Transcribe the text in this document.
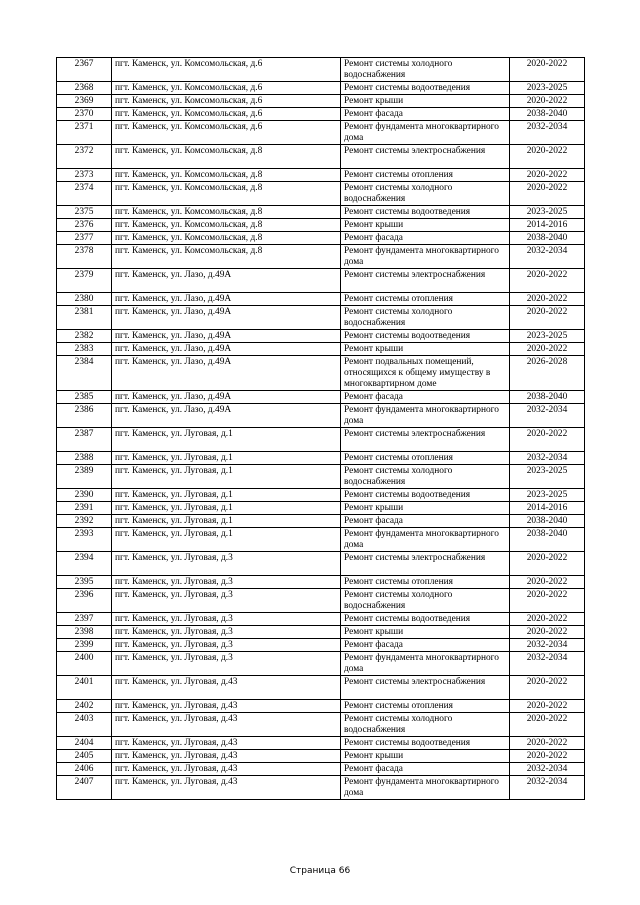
2367	пгт. Каменск, ул. Комсомольская, д.6	Ремонт системы холодного водоснабжения	2020-2022
2368	пгт. Каменск, ул. Комсомольская, д.6	Ремонт системы водоотведения	2023-2025
2369	пгт. Каменск, ул. Комсомольская, д.6	Ремонт крыши	2020-2022
2370	пгт. Каменск, ул. Комсомольская, д.6	Ремонт фасада	2038-2040
2371	пгт. Каменск, ул. Комсомольская, д.6	Ремонт фундамента многоквартирного дома	2032-2034
2372	пгт. Каменск, ул. Комсомольская, д.8	Ремонт системы электроснабжения	2020-2022
2373	пгт. Каменск, ул. Комсомольская, д.8	Ремонт системы отопления	2020-2022
2374	пгт. Каменск, ул. Комсомольская, д.8	Ремонт системы холодного водоснабжения	2020-2022
2375	пгт. Каменск, ул. Комсомольская, д.8	Ремонт системы водоотведения	2023-2025
2376	пгт. Каменск, ул. Комсомольская, д.8	Ремонт крыши	2014-2016
2377	пгт. Каменск, ул. Комсомольская, д.8	Ремонт фасада	2038-2040
2378	пгт. Каменск, ул. Комсомольская, д.8	Ремонт фундамента многоквартирного дома	2032-2034
2379	пгт. Каменск, ул. Лазо, д.49А	Ремонт системы электроснабжения	2020-2022
2380	пгт. Каменск, ул. Лазо, д.49А	Ремонт системы отопления	2020-2022
2381	пгт. Каменск, ул. Лазо, д.49А	Ремонт системы холодного водоснабжения	2020-2022
2382	пгт. Каменск, ул. Лазо, д.49А	Ремонт системы водоотведения	2023-2025
2383	пгт. Каменск, ул. Лазо, д.49А	Ремонт крыши	2020-2022
2384	пгт. Каменск, ул. Лазо, д.49А	Ремонт подвальных помещений, относящихся к общему имуществу в многоквартирном доме	2026-2028
2385	пгт. Каменск, ул. Лазо, д.49А	Ремонт фасада	2038-2040
2386	пгт. Каменск, ул. Лазо, д.49А	Ремонт фундамента многоквартирного дома	2032-2034
2387	пгт. Каменск, ул. Луговая, д.1	Ремонт системы электроснабжения	2020-2022
2388	пгт. Каменск, ул. Луговая, д.1	Ремонт системы отопления	2032-2034
2389	пгт. Каменск, ул. Луговая, д.1	Ремонт системы холодного водоснабжения	2023-2025
2390	пгт. Каменск, ул. Луговая, д.1	Ремонт системы водоотведения	2023-2025
2391	пгт. Каменск, ул. Луговая, д.1	Ремонт крыши	2014-2016
2392	пгт. Каменск, ул. Луговая, д.1	Ремонт фасада	2038-2040
2393	пгт. Каменск, ул. Луговая, д.1	Ремонт фундамента многоквартирного дома	2038-2040
2394	пгт. Каменск, ул. Луговая, д.3	Ремонт системы электроснабжения	2020-2022
2395	пгт. Каменск, ул. Луговая, д.3	Ремонт системы отопления	2020-2022
2396	пгт. Каменск, ул. Луговая, д.3	Ремонт системы холодного водоснабжения	2020-2022
2397	пгт. Каменск, ул. Луговая, д.3	Ремонт системы водоотведения	2020-2022
2398	пгт. Каменск, ул. Луговая, д.3	Ремонт крыши	2020-2022
2399	пгт. Каменск, ул. Луговая, д.3	Ремонт фасада	2032-2034
2400	пгт. Каменск, ул. Луговая, д.3	Ремонт фундамента многоквартирного дома	2032-2034
2401	пгт. Каменск, ул. Луговая, д.43	Ремонт системы электроснабжения	2020-2022
2402	пгт. Каменск, ул. Луговая, д.43	Ремонт системы отопления	2020-2022
2403	пгт. Каменск, ул. Луговая, д.43	Ремонт системы холодного водоснабжения	2020-2022
2404	пгт. Каменск, ул. Луговая, д.43	Ремонт системы водоотведения	2020-2022
2405	пгт. Каменск, ул. Луговая, д.43	Ремонт крыши	2020-2022
2406	пгт. Каменск, ул. Луговая, д.43	Ремонт фасада	2032-2034
2407	пгт. Каменск, ул. Луговая, д.43	Ремонт фундамента многоквартирного дома	2032-2034
Страница 66
